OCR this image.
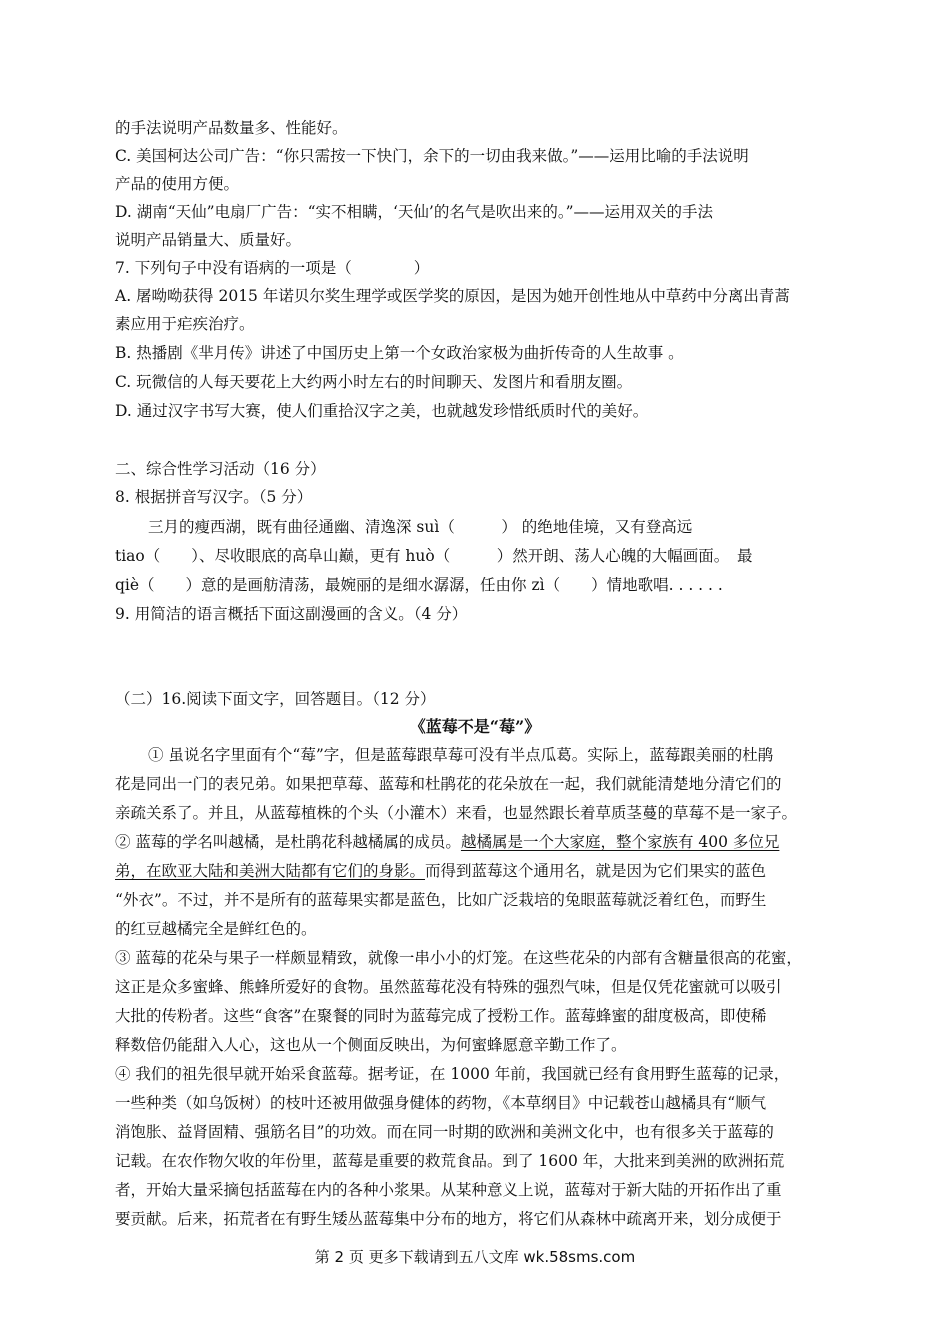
的手法说明产品数量多、性能好。
C. 美国柯达公司广告：“你只需按一下快门，余下的一切由我来做。”——运用比喻的手法说明
产品的使用方便。
D. 湖南“天仙”电扇厂广告：“实不相瞒，‘天仙’的名气是吹出来的。”——运用双关的手法
说明产品销量大、质量好。
7. 下列句子中没有语病的一项是（　　　　）
A. 屠呦呦获得 2015 年诺贝尔奖生理学或医学奖的原因，是因为她开创性地从中草药中分离出青蒿
素应用于疟疾治疗。
B. 热播剧《芈月传》讲述了中国历史上第一个女政治家极为曲折传奇的人生故事 。
C. 玩微信的人每天要花上大约两小时左右的时间聊天、发图片和看朋友圈。
D. 通过汉字书写大赛，使人们重拾汉字之美，也就越发珍惜纸质时代的美好。
二、综合性学习活动（16 分）
8. 根据拼音写汉字。（5 分）
三月的瘦西湖，既有曲径通幽、清逸深 suì（　　　） 的绝地佳境，又有登高远
tiao（　　）、尽收眼底的高阜山巅，更有 huò（　　　）然开朗、荡人心魄的大幅画面。　最
qiè（　　）意的是画舫清荡，最婉丽的是细水潺潺，任由你 zì（　　）情地歌唱. . . . . .
9. 用简洁的语言概括下面这副漫画的含义。（4 分）
（二）16.阅读下面文字，回答题目。（12 分）
《蓝莓不是“莓”》
① 虽说名字里面有个“莓”字，但是蓝莓跟草莓可没有半点瓜葛。实际上，蓝莓跟美丽的杜鹃
花是同出一门的表兄弟。如果把草莓、蓝莓和杜鹃花的花朵放在一起，我们就能清楚地分清它们的
亲疏关系了。并且，从蓝莓植株的个头（小灌木）来看，也显然跟长着草质茎蔓的草莓不是一家子。
② 蓝莓的学名叫越橘，是杜鹃花科越橘属的成员。越橘属是一个大家庭，整个家族有 400 多位兄
弟，在欧亚大陆和美洲大陆都有它们的身影。而得到蓝莓这个通用名，就是因为它们果实的蓝色
“外衣”。不过，并不是所有的蓝莓果实都是蓝色，比如广泛栽培的兔眼蓝莓就泛着红色，而野生
的红豆越橘完全是鲜红色的。
③ 蓝莓的花朵与果子一样颇显精致，就像一串小小的灯笼。在这些花朵的内部有含糖量很高的花蜜，
这正是众多蜜蜂、熊蜂所爱好的食物。虽然蓝莓花没有特殊的强烈气味，但是仅凭花蜜就可以吸引
大批的传粉者。这些“食客”在聚餐的同时为蓝莓完成了授粉工作。蓝莓蜂蜜的甜度极高，即使稀
释数倍仍能甜入人心，这也从一个侧面反映出，为何蜜蜂愿意辛勤工作了。
④ 我们的祖先很早就开始采食蓝莓。据考证，在 1000 年前，我国就已经有食用野生蓝莓的记录，
一些种类（如乌饭树）的枝叶还被用做强身健体的药物，《本草纲目》中记载苍山越橘具有“顺气
消饱胀、益肾固精、强筋名目”的功效。而在同一时期的欧洲和美洲文化中，也有很多关于蓝莓的
记载。在农作物欠收的年份里，蓝莓是重要的救荒食品。到了 1600 年，大批来到美洲的欧洲拓荒
者，开始大量采摘包括蓝莓在内的各种小浆果。从某种意义上说，蓝莓对于新大陆的开拓作出了重
要贡献。后来，拓荒者在有野生矮丛蓝莓集中分布的地方，将它们从森林中疏离开来，划分成便于
第 2 页 更多下载请到五八文库 wk.58sms.com
